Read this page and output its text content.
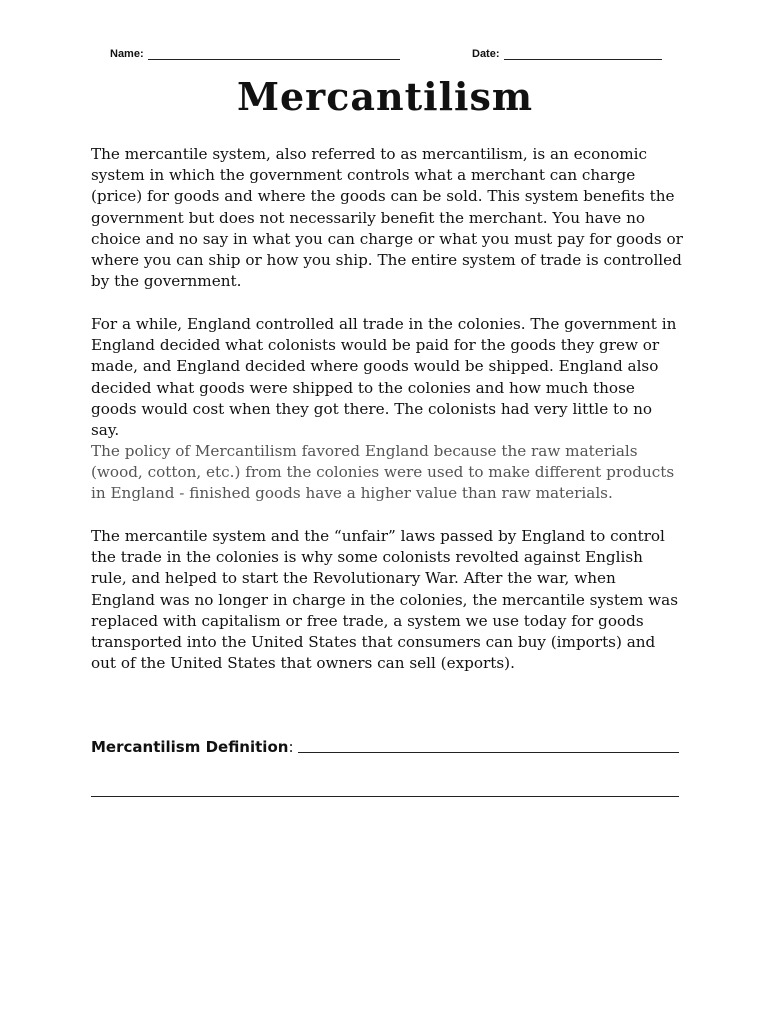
Name:	Date:
Mercantilism

The mercantile system, also referred to as mercantilism, is an economic system in which the government controls what a merchant can charge (price) for goods and where the goods can be sold. This system benefits the government but does not necessarily benefit the merchant. You have no choice and no say in what you can charge or what you must pay for goods or where you can ship or how you ship. The entire system of trade is controlled by the government.

For a while, England controlled all trade in the colonies. The government in England decided what colonists would be paid for the goods they grew or made, and England decided where goods would be shipped. England also decided what goods were shipped to the colonies and how much those goods would cost when they got there. The colonists had very little to no say.

The policy of Mercantilism favored England because the raw materials (wood, cotton, etc.) from the colonies were used to make different products in England - finished goods have a higher value than raw materials.

The mercantile system and the “unfair” laws passed by England to control the trade in the colonies is why some colonists revolted against English rule, and helped to start the Revolutionary War. After the war, when England was no longer in charge in the colonies, the mercantile system was replaced with capitalism or free trade, a system we use today for goods transported into the United States that consumers can buy (imports) and out of the United States that owners can sell (exports).

Mercantilism Definition :
